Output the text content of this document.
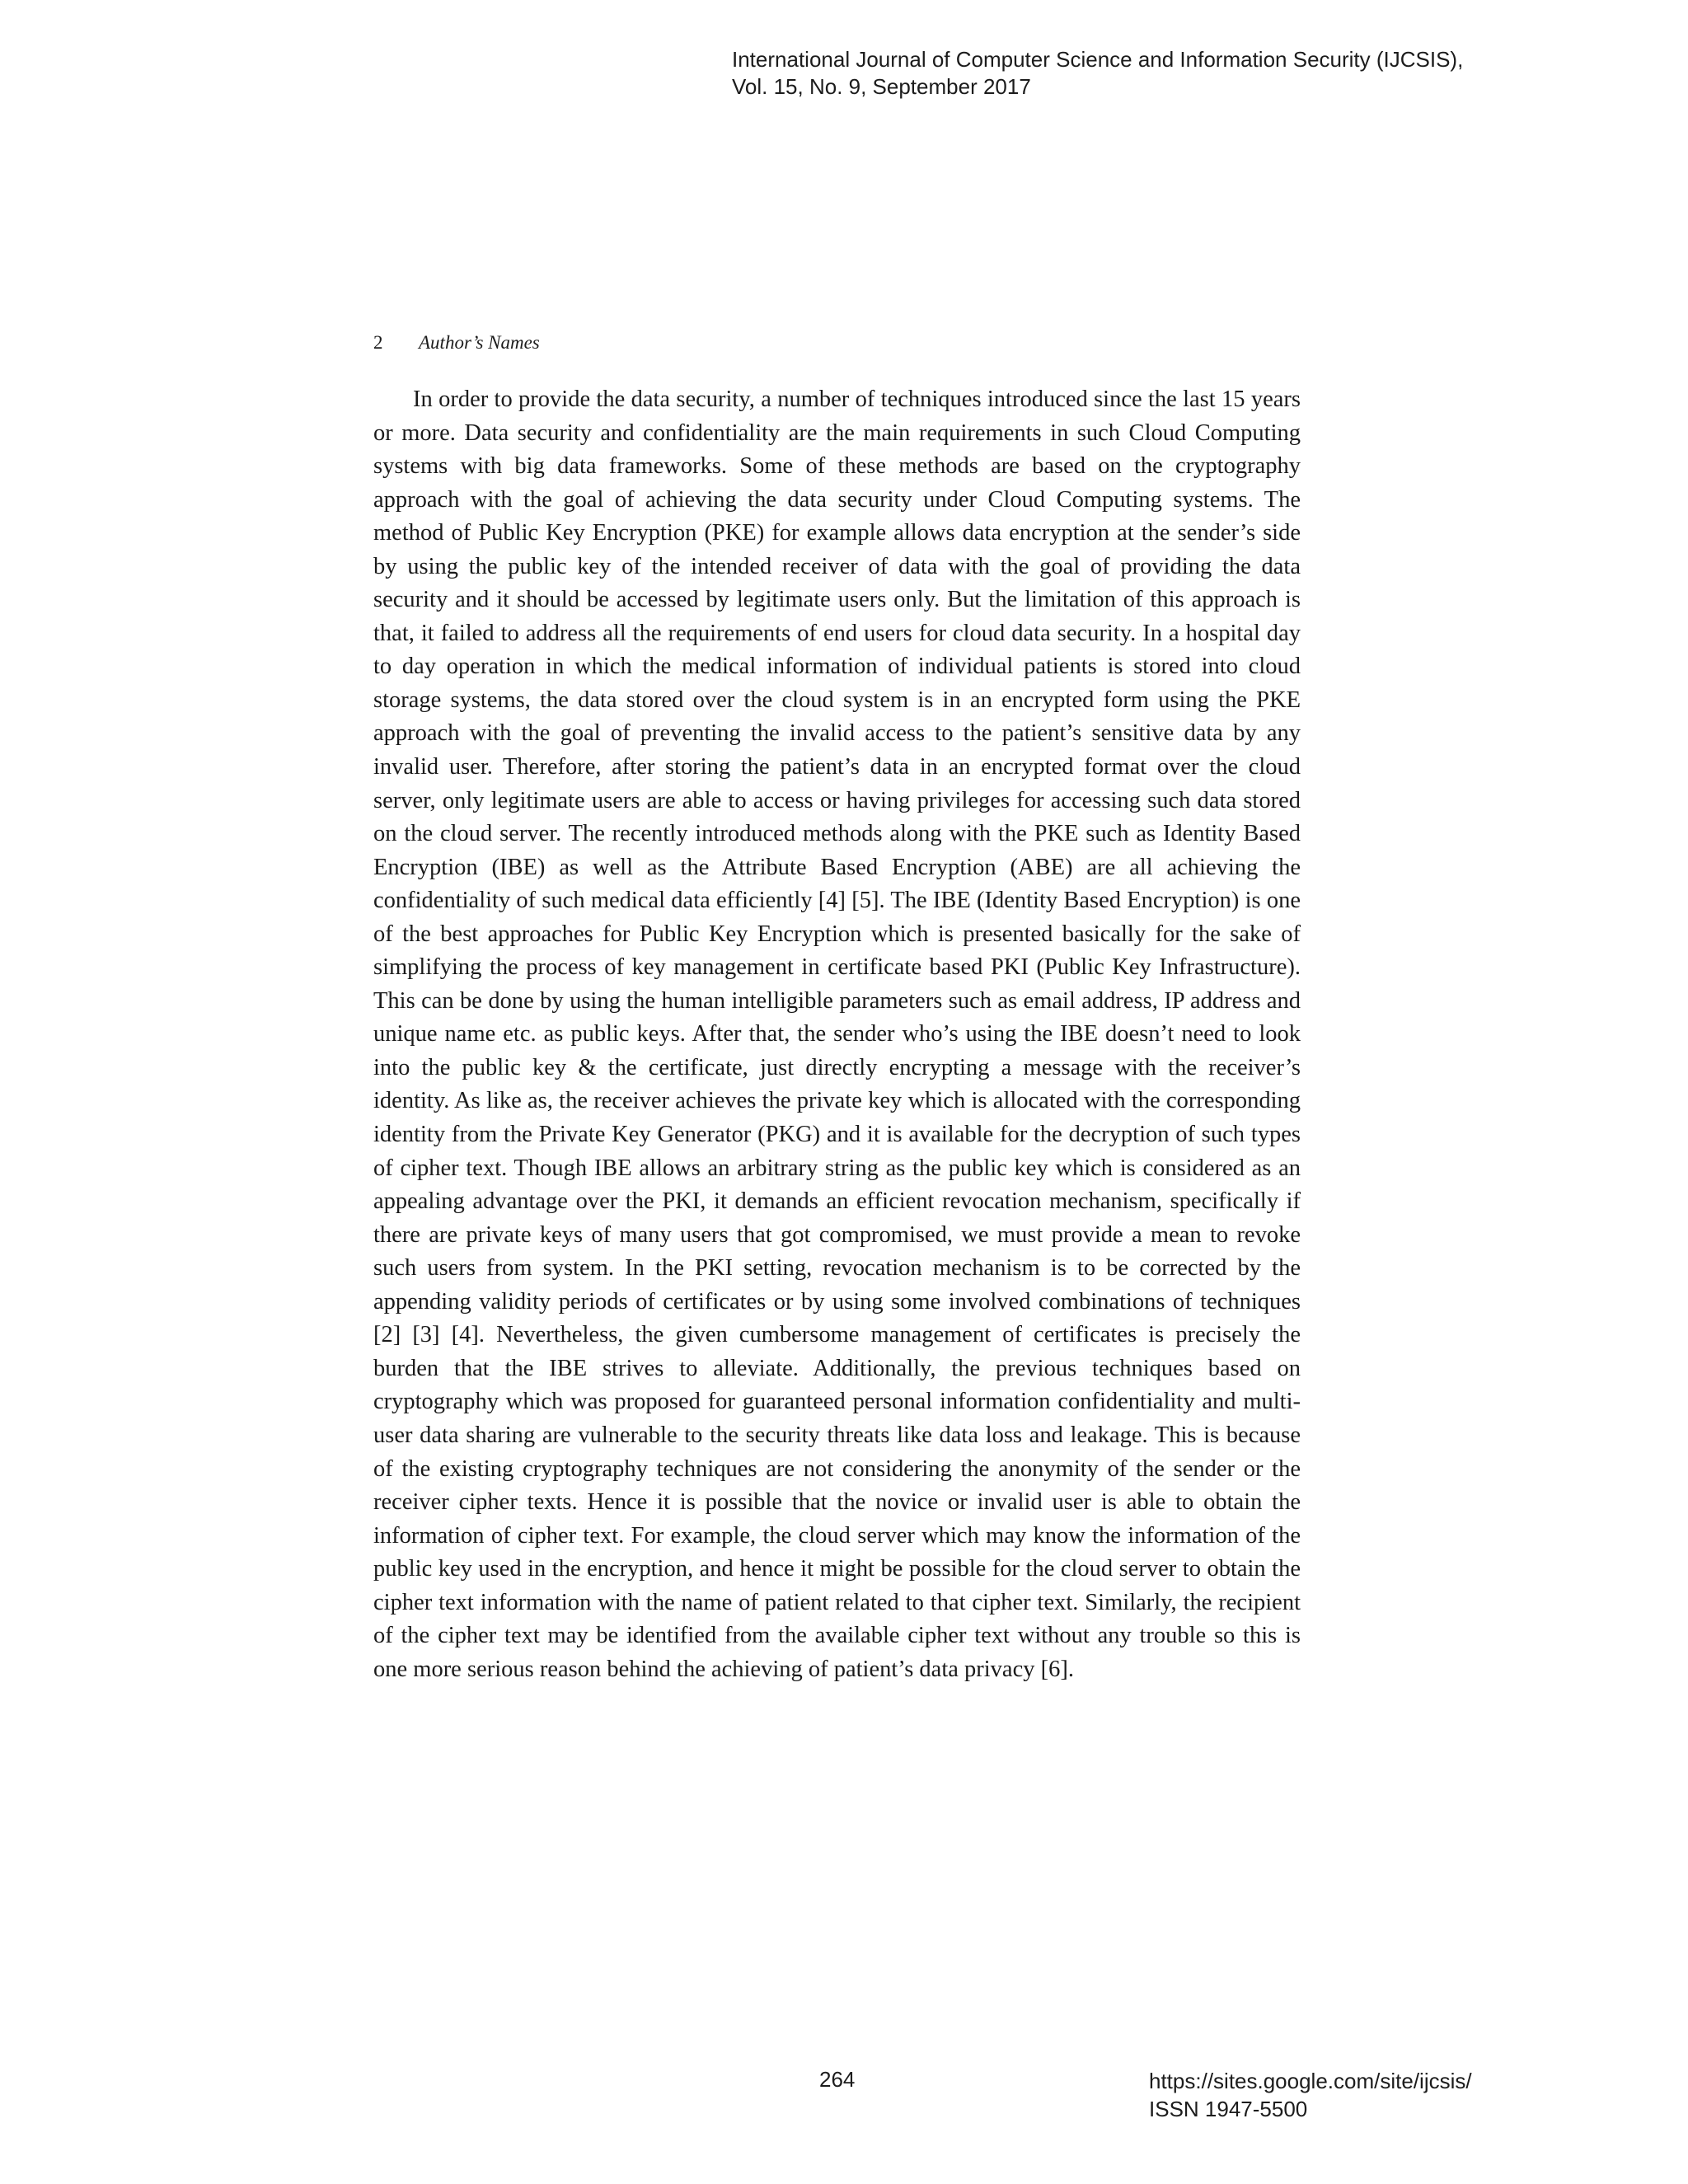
International Journal of Computer Science and Information Security (IJCSIS),
Vol. 15, No. 9, September 2017
2 Author’s Names

In order to provide the data security, a number of techniques introduced since the last 15 years or more. Data security and confidentiality are the main requirements in such Cloud Computing systems with big data frameworks. Some of these methods are based on the cryptography approach with the goal of achieving the data security under Cloud Computing systems. The method of Public Key Encryption (PKE) for example allows data encryption at the sender’s side by using the public key of the intended receiver of data with the goal of providing the data security and it should be accessed by legitimate users only. But the limitation of this approach is that, it failed to address all the requirements of end users for cloud data security. In a hospital day to day operation in which the medical information of individual patients is stored into cloud storage systems, the data stored over the cloud system is in an encrypted form using the PKE approach with the goal of preventing the invalid access to the patient’s sensitive data by any invalid user. Therefore, after storing the patient’s data in an encrypted format over the cloud server, only legitimate users are able to access or having privileges for accessing such data stored on the cloud server. The recently introduced methods along with the PKE such as Identity Based Encryption (IBE) as well as the Attribute Based Encryption (ABE) are all achieving the confidentiality of such medical data efficiently [4] [5]. The IBE (Identity Based Encryption) is one of the best approaches for Public Key Encryption which is presented basically for the sake of simplifying the process of key management in certificate based PKI (Public Key Infrastructure). This can be done by using the human intelligible parameters such as email address, IP address and unique name etc. as public keys. After that, the sender who’s using the IBE doesn’t need to look into the public key & the certificate, just directly encrypting a message with the receiver’s identity. As like as, the receiver achieves the private key which is allocated with the corresponding identity from the Private Key Generator (PKG) and it is available for the decryption of such types of cipher text. Though IBE allows an arbitrary string as the public key which is considered as an appealing advantage over the PKI, it demands an efficient revocation mechanism, specifically if there are private keys of many users that got compromised, we must provide a mean to revoke such users from system. In the PKI setting, revocation mechanism is to be corrected by the appending validity periods of certificates or by using some involved combinations of techniques [2] [3] [4]. Nevertheless, the given cumbersome management of certificates is precisely the burden that the IBE strives to alleviate. Additionally, the previous techniques based on cryptography which was proposed for guaranteed personal information confidentiality and multi-user data sharing are vulnerable to the security threats like data loss and leakage. This is because of the existing cryptography techniques are not considering the anonymity of the sender or the receiver cipher texts. Hence it is possible that the novice or invalid user is able to obtain the information of cipher text. For example, the cloud server which may know the information of the public key used in the encryption, and hence it might be possible for the cloud server to obtain the cipher text information with the name of patient related to that cipher text. Similarly, the recipient of the cipher text may be identified from the available cipher text without any trouble so this is one more serious reason behind the achieving of patient’s data privacy [6].

264	https://sites.google.com/site/ijcsis/
ISSN 1947-5500
